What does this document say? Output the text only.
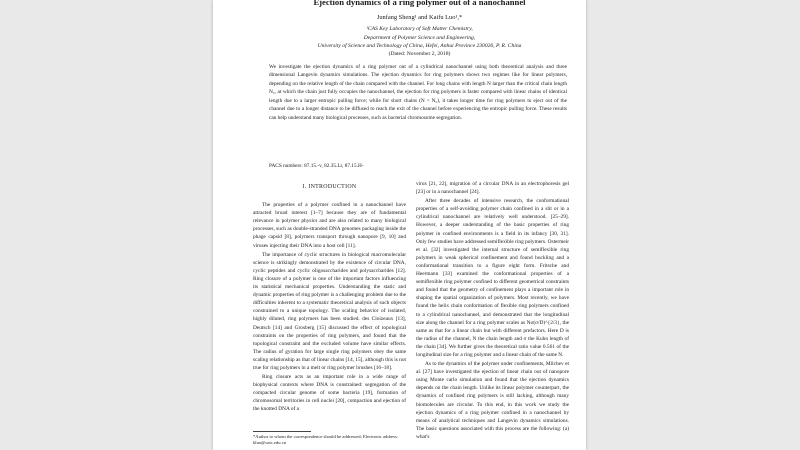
Ejection dynamics of a ring polymer out of a nanochannel
Junfang Sheng¹ and Kaifu Luo¹,*
¹CAS Key Laboratory of Soft Matter Chemistry,
Department of Polymer Science and Engineering,
University of Science and Technology of China, Hefei, Anhui Province 230026, P. R. China
(Dated: November 2, 2018)
We investigate the ejection dynamics of a ring polymer out of a cylindrical nanochannel using both theoretical analysis and three dimensional Langevin dynamics simulations. The ejection dynamics for ring polymers shows two regimes like for linear polymers, depending on the relative length of the chain compared with the channel. For long chains with length N larger than the critical chain length N꜀, at which the chain just fully occupies the nanochannel, the ejection for ring polymers is faster compared with linear chains of identical length due to a larger entropic pulling force; while for short chains (N < N꜀), it takes longer time for ring polymers to eject out of the channel due to a longer distance to be diffused to reach the exit of the channel before experiencing the entropic pulling force. These results can help understand many biological processes, such as bacterial chromosome segregation.
PACS numbers: 87.15.-v, 82.35.Lr, 87.15.H-
I. INTRODUCTION

The properties of a polymer confined in a nanochannel have attracted broad interest [1–7] because they are of fundamental relevance in polymer physics and are also related to many biological processes, such as double-stranded DNA genomes packaging inside the phage capsid [8], polymers transport through nanopore [9, 10] and viruses injecting their DNA into a host cell [11].

The importance of cyclic structures in biological macromolecular science is strikingly demonstrated by the existence of circular DNA, cyclic peptides and cyclic oligosaccharides and polysaccharides [12]. Ring closure of a polymer is one of the important factors influencing its statistical mechanical properties. Understanding the static and dynamic properties of ring polymer is a challenging problem due to the difficulties inherent to a systematic theoretical analysis of such objects constrained to a unique topology. The scaling behavior of isolated, highly diluted, ring polymers has been studied. des Cloizeaux [13], Deutsch [14] and Grosberg [15] discussed the effect of topological constraints on the properties of ring polymers, and found that the topological constraint and the excluded volume have similar effects. The radius of gyration for large single ring polymers obey the same scaling relationship as that of linear chains [14, 15], although this is not true for ring polymers in a melt or ring polymer brushes [16–18].

Ring closure acts as an important role in a wide range of biophysical contexts where DNA is constrained: segregation of the compacted circular genome of some bacteria [19], formation of chromosomal territories in cell nuclei [20], compaction and ejection of the knotted DNA of a

virus [21, 22], migration of a circular DNA in an electrophoresis gel [23] or in a nanochannel [24].

After three decades of intensive research, the conformational properties of a self-avoiding polymer chain confined in a slit or in a cylindrical nanochannel are relatively well understood. [25–29]. However, a deeper understanding of the basic properties of ring polymer in confined environments is a field in its infancy [30, 31]. Only few studies have addressed semiflexible ring polymers. Ostermeir et al. [32] investigated the internal structure of semiflexible ring polymers in weak spherical confinement and found buckling and a conformational transition to a figure eight form. Fritsche and Heermann [33] examined the conformational properties of a semiflexible ring polymer confined to different geometrical constraints and found that the geometry of confinement plays a important role in shaping the spatial organization of polymers. Most recently, we have found the helix chain conformation of flexible ring polymers confined to a cylindrical nanochannel, and demonstrated that the longitudinal size along the channel for a ring polymer scales as Nσ(σ/D)^{2/3}, the same as that for a linear chain but with different prefactors. Here D is the radius of the channel, N the chain length and σ the Kuhn length of the chain [34]. We further gives the theoretical ratio value 0.561 of the longitudinal size for a ring polymer and a linear chain of the same N.

As to the dynamics of the polymer under confinements, Milchev et al. [27] have investigated the ejection of linear chain out of nanopore using Monte carlo simulation and found that the ejection dynamics depends on the chain length. Unlike its linear polymer counterpart, the dynamics of confined ring polymers is still lacking, although many biomolecules are circular. To this end, in this work we study the ejection dynamics of a ring polymer confined in a nanochannel by means of analytical techniques and Langevin dynamics simulations. The basic questions associated with this process are the following: (a) what's

*Author to whom the correspondence should be addressed; Electronic address: kluo@ustc.edu.cn
